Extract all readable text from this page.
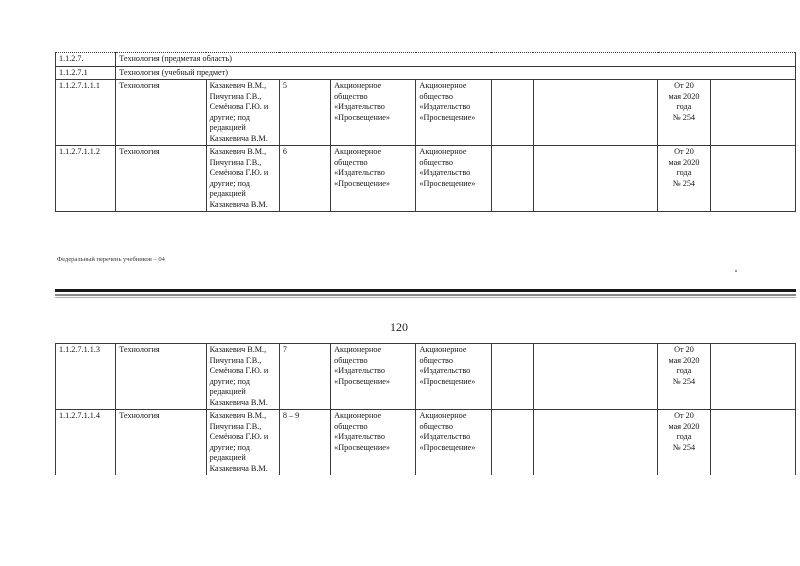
1.1.2.7.	Технология (предметая область)								
1.1.2.7.1	Технология (учебный предмет)								
1.1.2.7.1.1.1	Технология	Казакевич В.М., Пичугина Г.В., Семёнова Г.Ю. и другие; под редакцией Казакевича В.М.	5	Акционерное общество «Издательство «Просвещение»	Акционерное общество «Издательство «Просвещение»			От 20
мая 2020
года
№ 254	

1.1.2.7.1.1.2	Технология	Казакевич В.М., Пичугина Г.В., Семёнова Г.Ю. и другие; под редакцией Казакевича В.М.	6	Акционерное общество «Издательство «Просвещение»	Акционерное общество «Издательство «Просвещение»			От 20
мая 2020
года
№ 254	

Федеральный перечень учебников – 04
120
1.1.2.7.1.1.3	Технология	Казакевич В.М., Пичугина Г.В., Семёнова Г.Ю. и другие; под редакцией Казакевича В.М.	7	Акционерное общество «Издательство «Просвещение»	Акционерное общество «Издательство «Просвещение»			От 20
мая 2020
года
№ 254	

1.1.2.7.1.1.4	Технология	Казакевич В.М., Пичугина Г.В., Семёнова Г.Ю. и другие; под редакцией Казакевича В.М.	8 – 9	Акционерное общество «Издательство «Просвещение»	Акционерное общество «Издательство «Просвещение»			От 20
мая 2020
года
№ 254	
